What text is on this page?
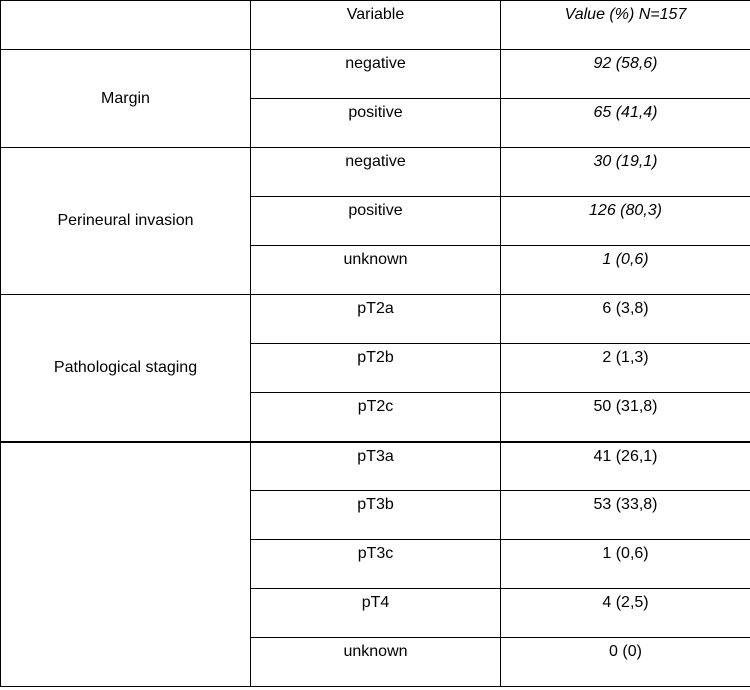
	Variable	Value (%) N=157
Margin	negative	92 (58,6)
	positive	65 (41,4)
Perineural invasion	negative	30 (19,1)
	positive	126 (80,3)
	unknown	1 (0,6)
Pathological staging	pT2a	6 (3,8)
	pT2b	2 (1,3)
	pT2c	50 (31,8)
	pT3a	41 (26,1)
	pT3b	53 (33,8)
	pT3c	1 (0,6)
	pT4	4 (2,5)
	unknown	0 (0)
